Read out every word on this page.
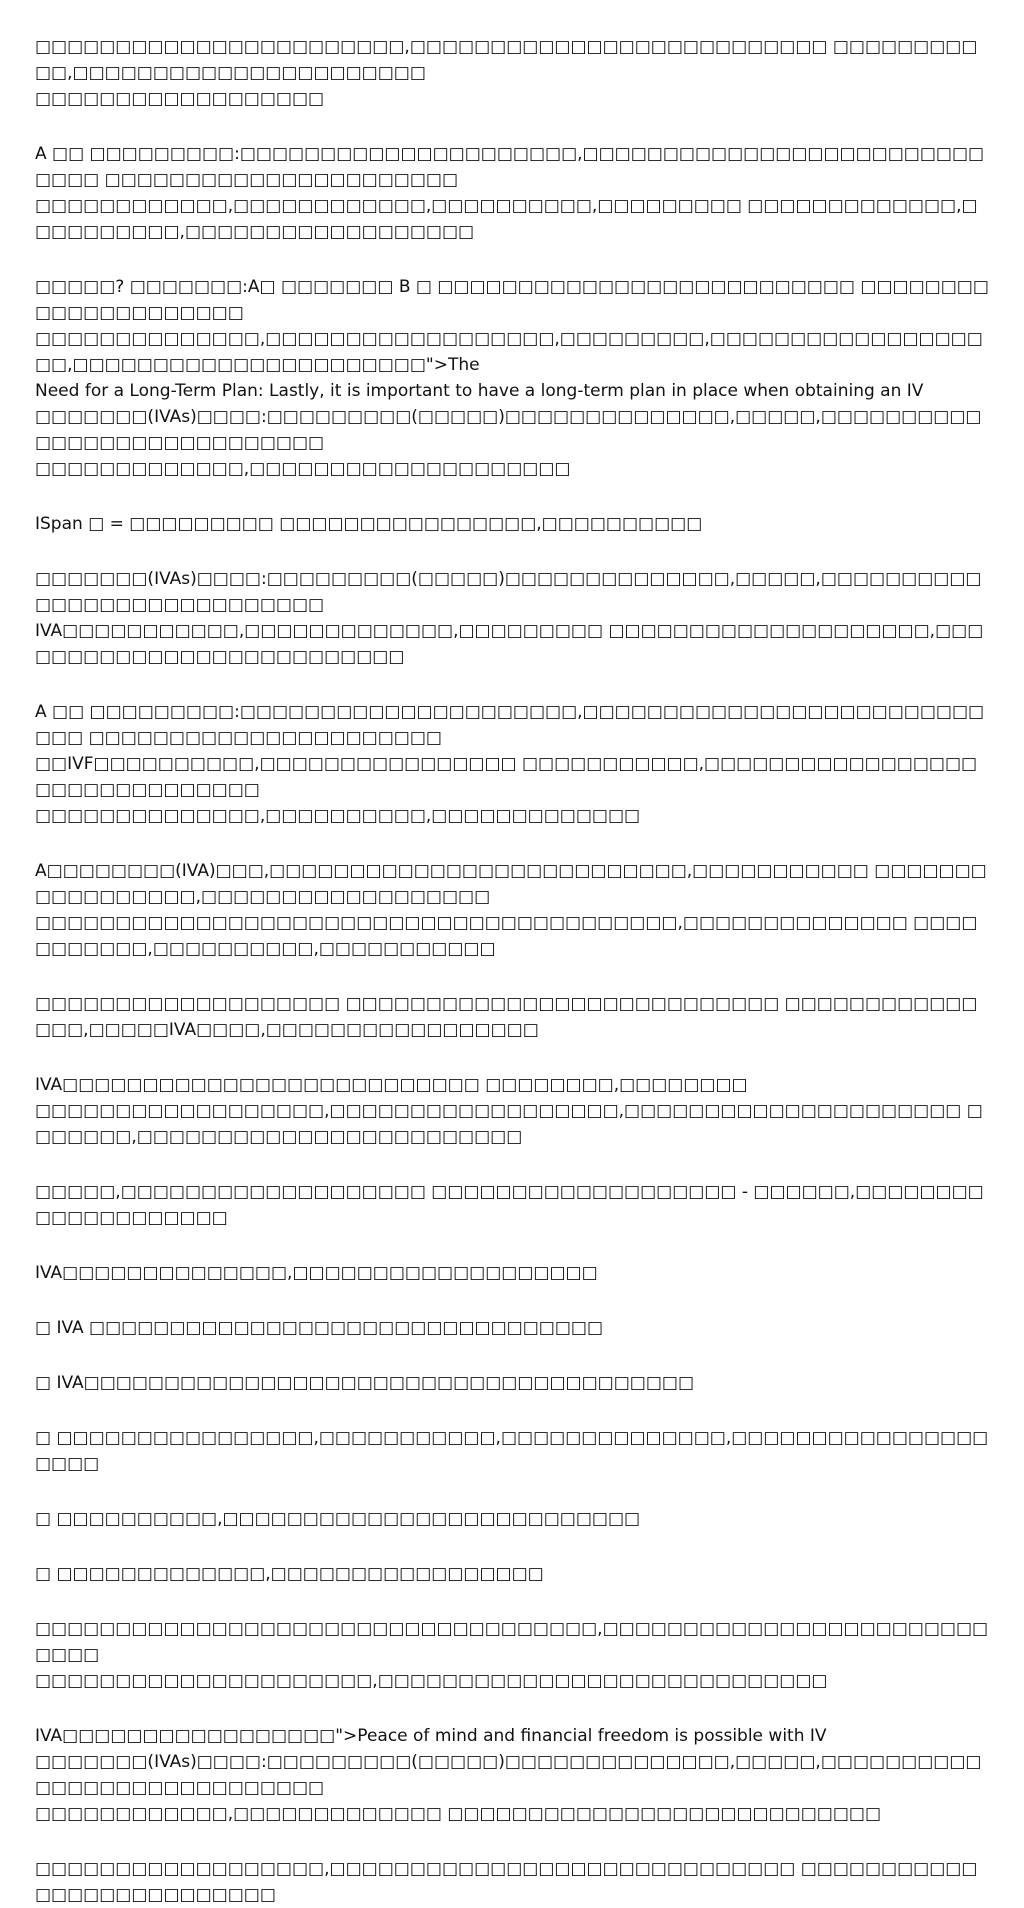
□□□□□□□□□□□□□□□□□□□□□□□,□□□□□□□□□□□□□□□□□□□□□□□□□□ □□□□□□□□□□□,□□□□□□□□□□□□□□□□□□□□□□
□□□□□□□□□□□□□□□□□□

A □□ □□□□□□□□□:□□□□□□□□□□□□□□□□□□□□□,□□□□□□□□□□□□□□□□□□□□□□□□□□□□□ □□□□□□□□□□□□□□□□□□□□□□
□□□□□□□□□□□□,□□□□□□□□□□□□,□□□□□□□□□□,□□□□□□□□□ □□□□□□□□□□□□□,□□□□□□□□□□,□□□□□□□□□□□□□□□□□□

□□□□□? □□□□□□□:A□ □□□□□□□ B □ □□□□□□□□□□□□□□□□□□□□□□□□□□ □□□□□□□□□□□□□□□□□□□□□
□□□□□□□□□□□□□□,□□□□□□□□□□□□□□□□□□,□□□□□□□□□,□□□□□□□□□□□□□□□□□□□,□□□□□□□□□□□□□□□□□□□□□□">The
Need for a Long-Term Plan: Lastly, it is important to have a long-term plan in place when obtaining an IV
□□□□□□□(IVAs)□□□□:□□□□□□□□□(□□□□□)□□□□□□□□□□□□□□,□□□□□,□□□□□□□□□□□□□□□□□□□□□□□□□□□□
□□□□□□□□□□□□□,□□□□□□□□□□□□□□□□□□□□

ISpan □ = □□□□□□□□□ □□□□□□□□□□□□□□□□,□□□□□□□□□□

□□□□□□□(IVAs)□□□□:□□□□□□□□□(□□□□□)□□□□□□□□□□□□□□,□□□□□,□□□□□□□□□□□□□□□□□□□□□□□□□□□□
IVA□□□□□□□□□□□,□□□□□□□□□□□□□,□□□□□□□□□ □□□□□□□□□□□□□□□□□□□□,□□□□□□□□□□□□□□□□□□□□□□□□□□

A □□ □□□□□□□□□:□□□□□□□□□□□□□□□□□□□□□,□□□□□□□□□□□□□□□□□□□□□□□□□□□□ □□□□□□□□□□□□□□□□□□□□□□
□□IVF□□□□□□□□□□,□□□□□□□□□□□□□□□□ □□□□□□□□□□□,□□□□□□□□□□□□□□□□□□□□□□□□□□□□□□□
□□□□□□□□□□□□□□,□□□□□□□□□□,□□□□□□□□□□□□□

A□□□□□□□□(IVA)□□□,□□□□□□□□□□□□□□□□□□□□□□□□□□,□□□□□□□□□□□ □□□□□□□□□□□□□□□□□,□□□□□□□□□□□□□□□□□□
□□□□□□□□□□□□□□□□□□□□□□□□□□□□□□□□□□□□□□□□,□□□□□□□□□□□□□□ □□□□□□□□□□□,□□□□□□□□□□,□□□□□□□□□□□

□□□□□□□□□□□□□□□□□□□ □□□□□□□□□□□□□□□□□□□□□□□□□□□ □□□□□□□□□□□□□□□,□□□□□IVA□□□□,□□□□□□□□□□□□□□□□□

IVA□□□□□□□□□□□□□□□□□□□□□□□□□□ □□□□□□□□,□□□□□□□□
□□□□□□□□□□□□□□□□□□,□□□□□□□□□□□□□□□□□□,□□□□□□□□□□□□□□□□□□□□□ □□□□□□□,□□□□□□□□□□□□□□□□□□□□□□□□

□□□□□,□□□□□□□□□□□□□□□□□□□ □□□□□□□□□□□□□□□□□□□ - □□□□□□,□□□□□□□□□□□□□□□□□□□□

IVA□□□□□□□□□□□□□□,□□□□□□□□□□□□□□□□□□□

□ IVA □□□□□□□□□□□□□□□□□□□□□□□□□□□□□□□□

□ IVA□□□□□□□□□□□□□□□□□□□□□□□□□□□□□□□□□□□□□□

□ □□□□□□□□□□□□□□□□,□□□□□□□□□□□,□□□□□□□□□□□□□□,□□□□□□□□□□□□□□□□□□□□

□ □□□□□□□□□□,□□□□□□□□□□□□□□□□□□□□□□□□□□

□ □□□□□□□□□□□□□,□□□□□□□□□□□□□□□□□

□□□□□□□□□□□□□□□□□□□□□□□□□□□□□□□□□□□,□□□□□□□□□□□□□□□□□□□□□□□□□□□□
□□□□□□□□□□□□□□□□□□□□□,□□□□□□□□□□□□□□□□□□□□□□□□□□□□

IVA□□□□□□□□□□□□□□□□□">Peace of mind and financial freedom is possible with IV
□□□□□□□(IVAs)□□□□:□□□□□□□□□(□□□□□)□□□□□□□□□□□□□□,□□□□□,□□□□□□□□□□□□□□□□□□□□□□□□□□□□
□□□□□□□□□□□□,□□□□□□□□□□□□□ □□□□□□□□□□□□□□□□□□□□□□□□□□□

□□□□□□□□□□□□□□□□□□,□□□□□□□□□□□□□□□□□□□□□□□□□□□□□ □□□□□□□□□□□□□□□□□□□□□□□□□□
